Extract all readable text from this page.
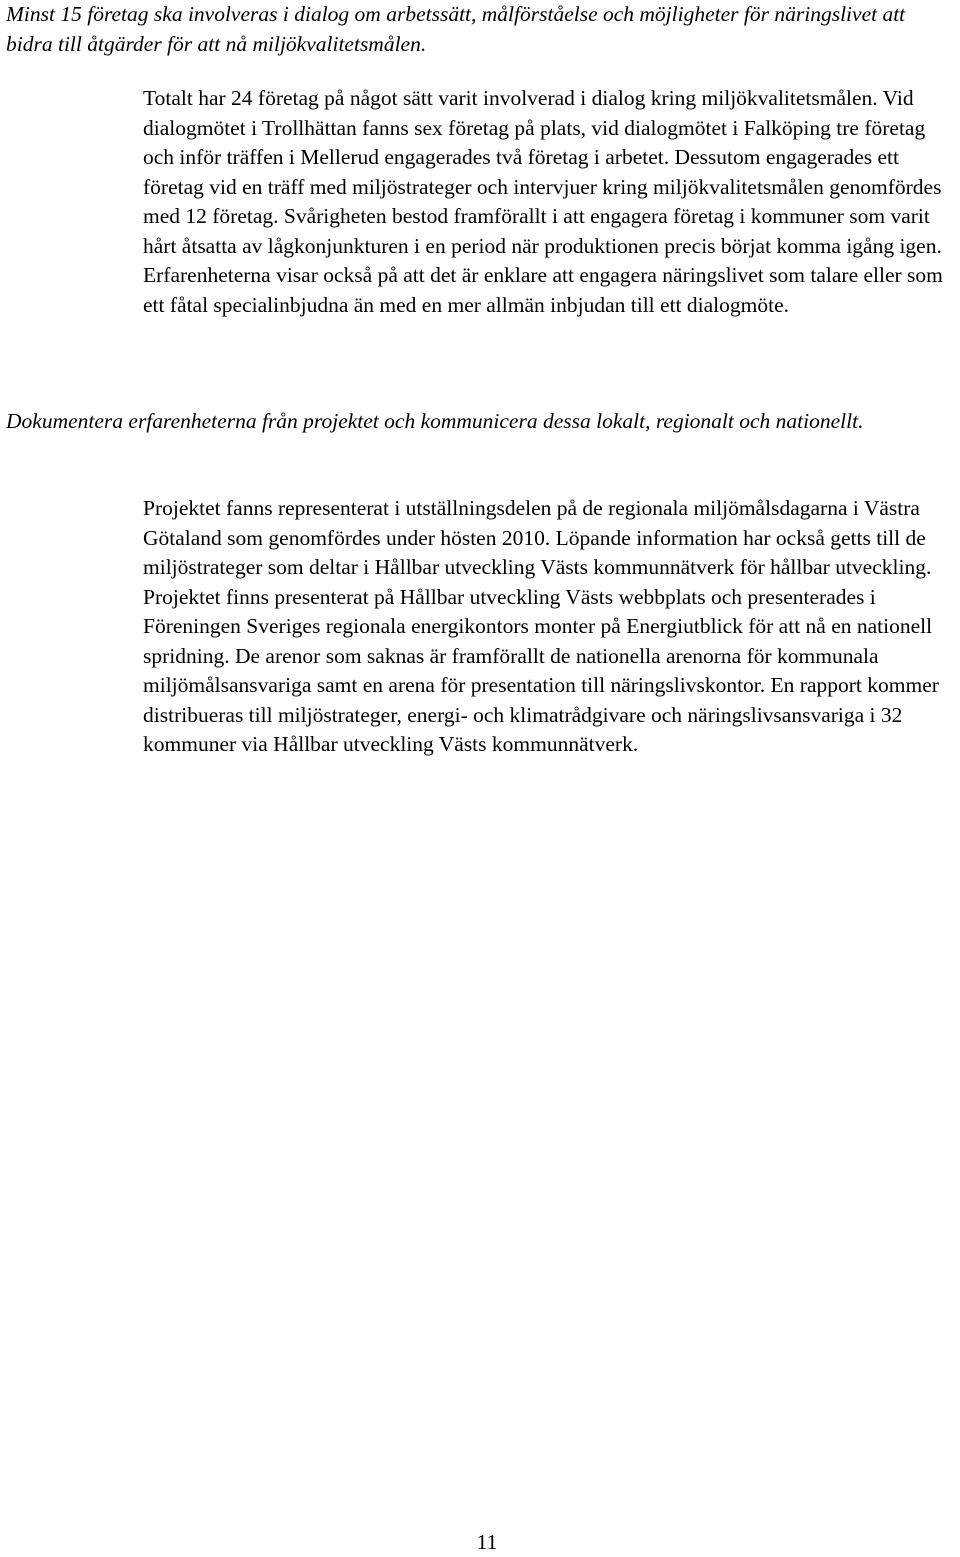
Minst 15 företag ska involveras i dialog om arbetssätt, målförståelse och möjligheter för näringslivet att bidra till åtgärder för att nå miljökvalitetsmålen.

Totalt har 24 företag på något sätt varit involverad i dialog kring miljökvalitetsmålen. Vid dialogmötet i Trollhättan fanns sex företag på plats, vid dialogmötet i Falköping tre företag och inför träffen i Mellerud engagerades två företag i arbetet. Dessutom engagerades ett företag vid en träff med miljöstrateger och intervjuer kring miljökvalitetsmålen genomfördes med 12 företag. Svårigheten bestod framförallt i att engagera företag i kommuner som varit hårt åtsatta av lågkonjunkturen i en period när produktionen precis börjat komma igång igen. Erfarenheterna visar också på att det är enklare att engagera näringslivet som talare eller som ett fåtal specialinbjudna än med en mer allmän inbjudan till ett dialogmöte.

Dokumentera erfarenheterna från projektet och kommunicera dessa lokalt, regionalt och nationellt.

Projektet fanns representerat i utställningsdelen på de regionala miljömålsdagarna i Västra Götaland som genomfördes under hösten 2010. Löpande information har också getts till de miljöstrateger som deltar i Hållbar utveckling Västs kommunnätverk för hållbar utveckling. Projektet finns presenterat på Hållbar utveckling Västs webbplats och presenterades i Föreningen Sveriges regionala energikontors monter på Energiutblick för att nå en nationell spridning. De arenor som saknas är framförallt de nationella arenorna för kommunala miljömålsansvariga samt en arena för presentation till näringslivskontor. En rapport kommer distribueras till miljöstrateger, energi- och klimatrådgivare och näringslivsansvariga i 32 kommuner via Hållbar utveckling Västs kommunnätverk.

11
